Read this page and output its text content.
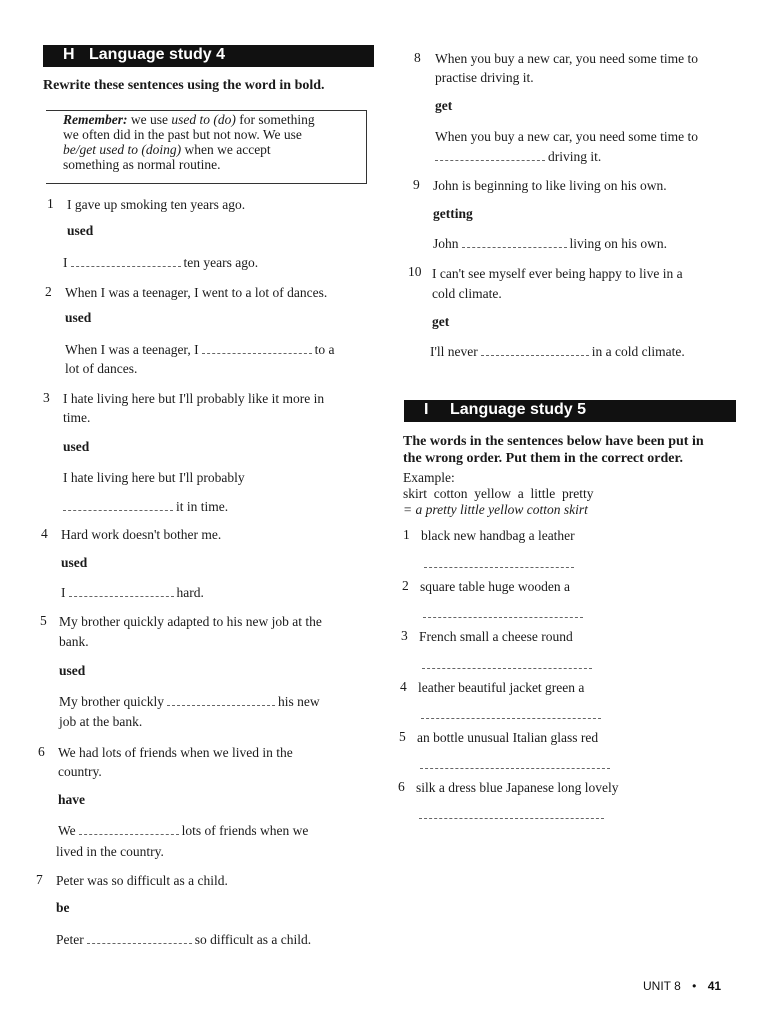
H Language study 4
Rewrite these sentences using the word in bold.
Remember: we use used to (do) for something
we often did in the past but not now. We use
be/get used to (doing) when we accept
something as normal routine.
1 I gave up smoking ten years ago.
used
I	ten years ago.
2 When I was a teenager, I went to a lot of dances.
used
When I was a teenager, I	to a
lot of dances.
3 I hate living here but I'll probably like it more in
time.
used
I hate living here but I'll probably
it in time.
4 Hard work doesn't bother me.
used
I	hard.
5 My brother quickly adapted to his new job at the
bank.
used
My brother quickly	his new
job at the bank.
6 We had lots of friends when we lived in the
country.
have
We	lots of friends when we
lived in the country.
7 Peter was so difficult as a child.
be
Peter	so difficult as a child.
8 When you buy a new car, you need some time to
practise driving it.
get
When you buy a new car, you need some time to
driving it.
9 John is beginning to like living on his own.
getting
John	living on his own.
10 I can't see myself ever being happy to live in a
cold climate.
get
I'll never	in a cold climate.
I Language study 5
The words in the sentences below have been put in
the wrong order. Put them in the correct order.
Example:
skirt  cotton  yellow  a  little  pretty
= a pretty little yellow cotton skirt
1 black new handbag a leather
2 square table huge wooden a
3 French small a cheese round
4 leather beautiful jacket green a
5 an bottle unusual Italian glass red
6 silk a dress blue Japanese long lovely
UNIT 8 • 41
